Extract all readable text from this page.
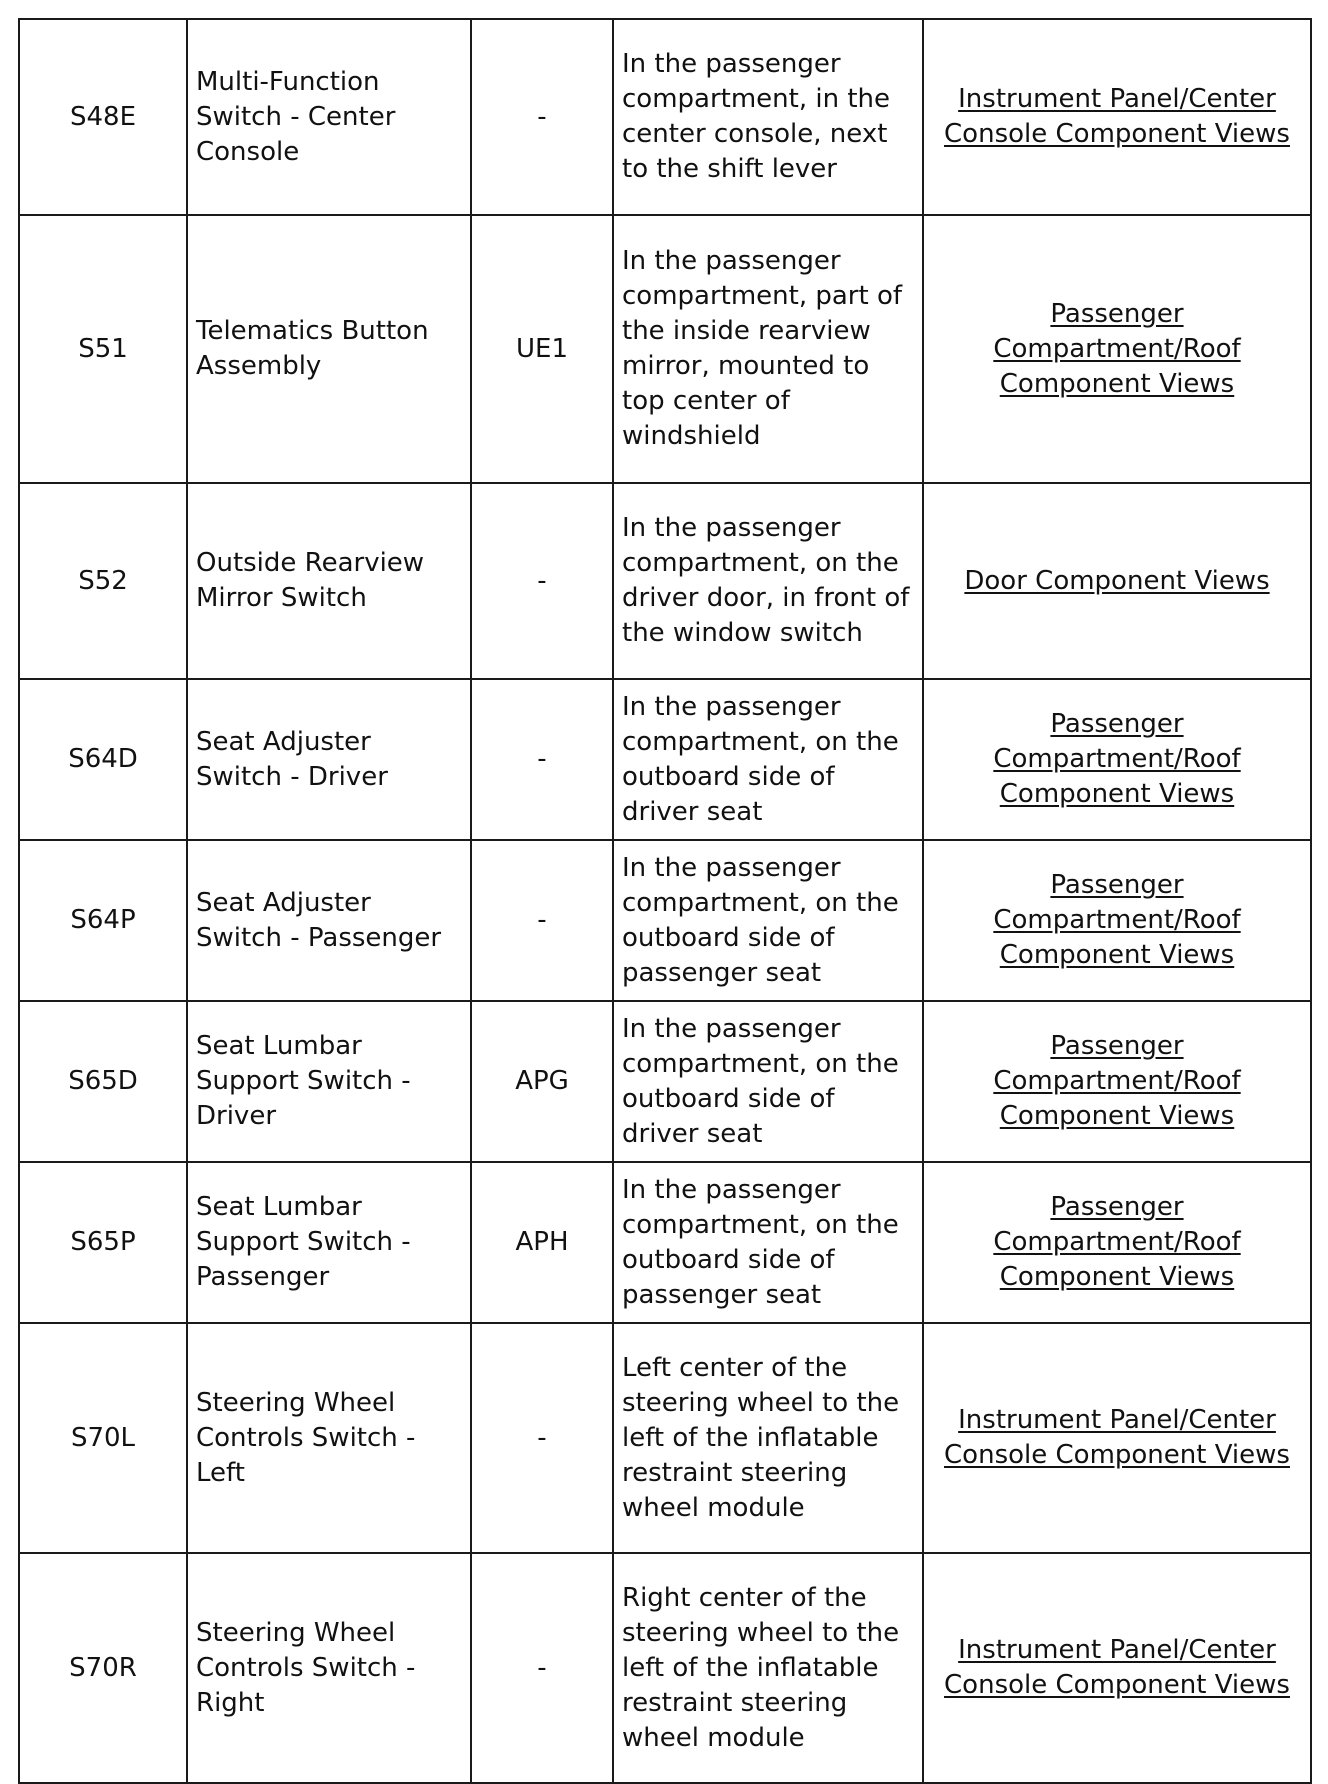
S48E	Multi-Function Switch - Center Console	-	In the passenger compartment, in the center console, next to the shift lever	Instrument Panel/Center Console Component Views
S51	Telematics Button Assembly	UE1	In the passenger compartment, part of the inside rearview mirror, mounted to top center of windshield	Passenger Compartment/Roof Component Views
S52	Outside Rearview Mirror Switch	-	In the passenger compartment, on the driver door, in front of the window switch	Door Component Views
S64D	Seat Adjuster Switch - Driver	-	In the passenger compartment, on the outboard side of driver seat	Passenger Compartment/Roof Component Views
S64P	Seat Adjuster Switch - Passenger	-	In the passenger compartment, on the outboard side of passenger seat	Passenger Compartment/Roof Component Views
S65D	Seat Lumbar Support Switch - Driver	APG	In the passenger compartment, on the outboard side of driver seat	Passenger Compartment/Roof Component Views
S65P	Seat Lumbar Support Switch - Passenger	APH	In the passenger compartment, on the outboard side of passenger seat	Passenger Compartment/Roof Component Views
S70L	Steering Wheel Controls Switch - Left	-	Left center of the steering wheel to the left of the inflatable restraint steering wheel module	Instrument Panel/Center Console Component Views
S70R	Steering Wheel Controls Switch - Right	-	Right center of the steering wheel to the left of the inflatable restraint steering wheel module	Instrument Panel/Center Console Component Views
